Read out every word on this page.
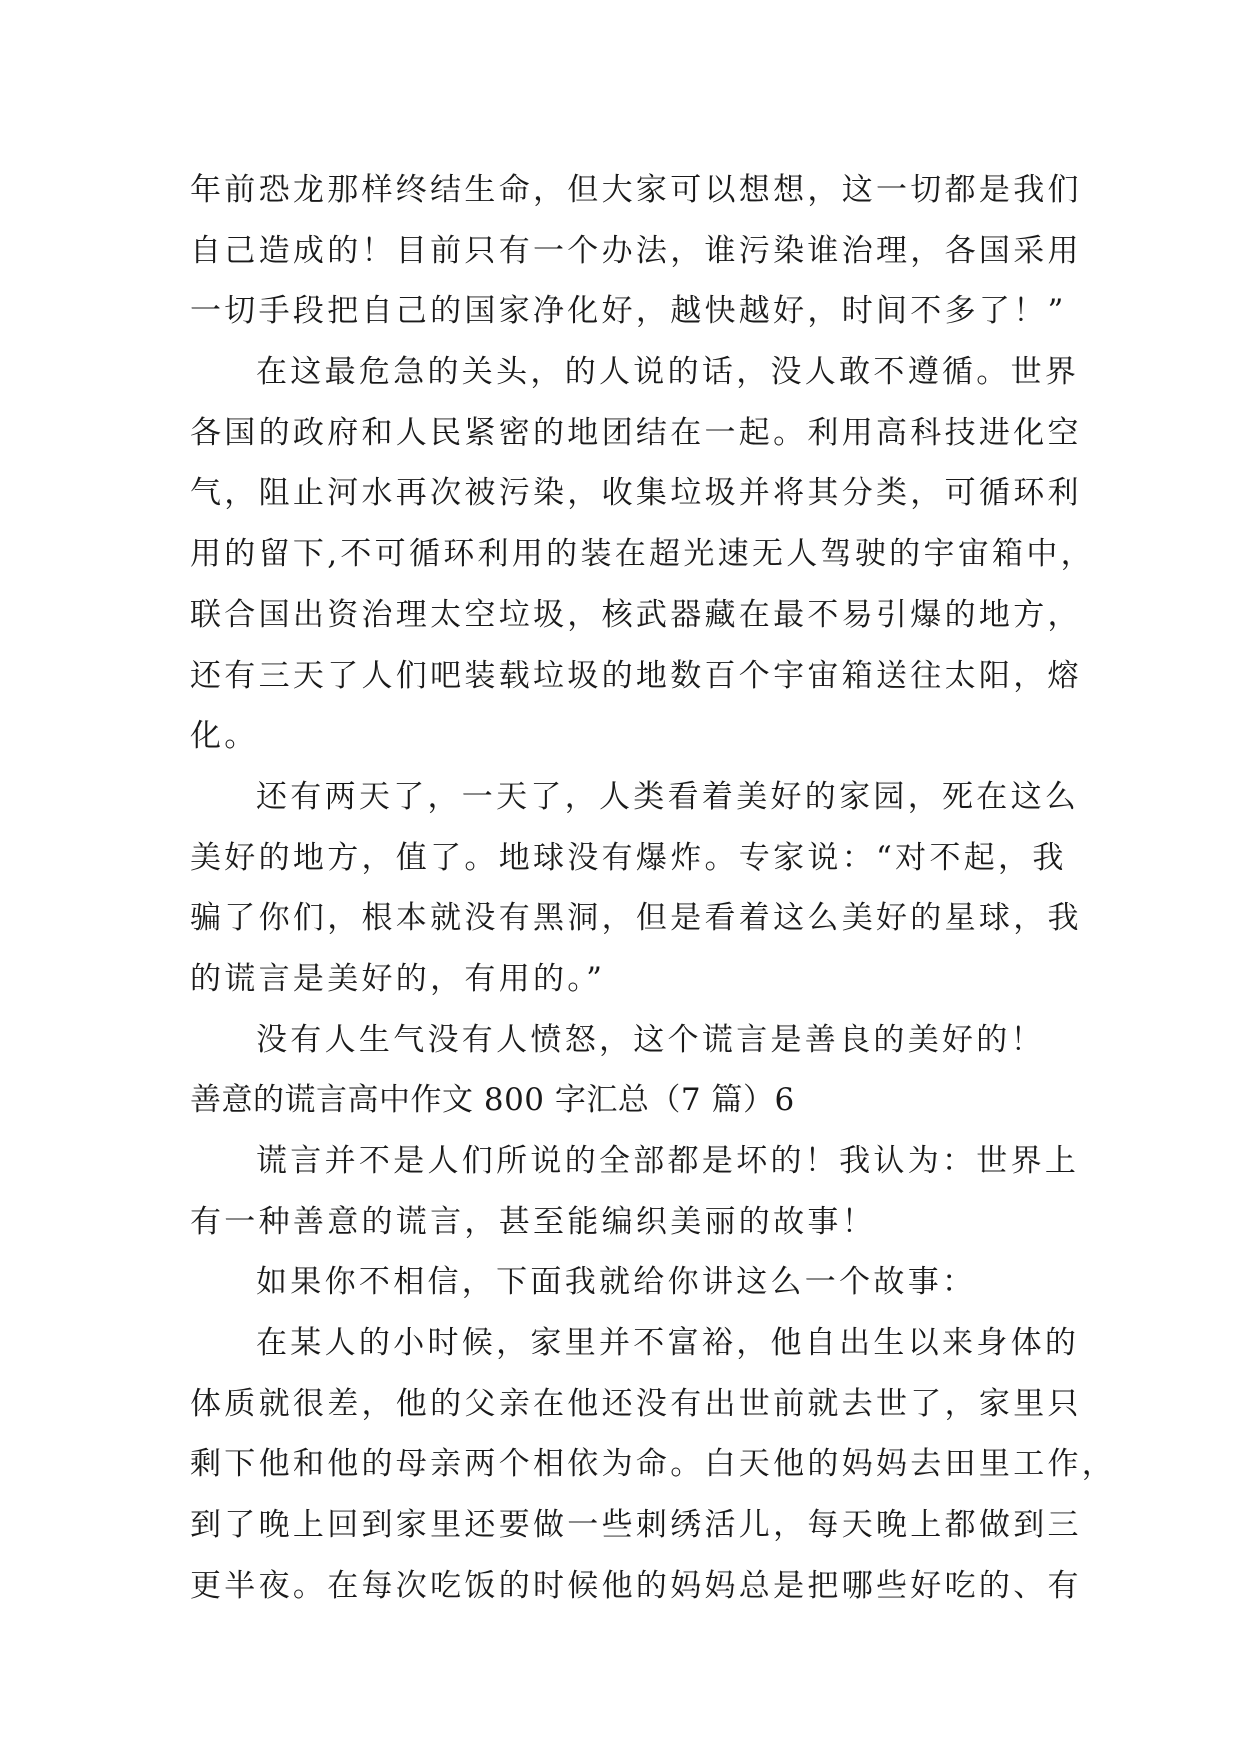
年前恐龙那样终结生命，但大家可以想想，这一切都是我们
自己造成的！目前只有一个办法，谁污染谁治理，各国采用
一切手段把自己的国家净化好，越快越好，时间不多了！”
在这最危急的关头，的人说的话，没人敢不遵循。世界
各国的政府和人民紧密的地团结在一起。利用高科技进化空
气，阻止河水再次被污染，收集垃圾并将其分类，可循环利
用的留下,不可循环利用的装在超光速无人驾驶的宇宙箱中，
联合国出资治理太空垃圾，核武器藏在最不易引爆的地方，
还有三天了人们吧装载垃圾的地数百个宇宙箱送往太阳，熔
化。
还有两天了，一天了，人类看着美好的家园，死在这么
美好的地方，值了。地球没有爆炸。专家说：“对不起，我
骗了你们，根本就没有黑洞，但是看着这么美好的星球，我
的谎言是美好的，有用的。”
没有人生气没有人愤怒，这个谎言是善良的美好的！
善意的谎言高中作文 800 字汇总（7 篇）6
谎言并不是人们所说的全部都是坏的！我认为：世界上
有一种善意的谎言，甚至能编织美丽的故事！
如果你不相信，下面我就给你讲这么一个故事：
在某人的小时候，家里并不富裕，他自出生以来身体的
体质就很差，他的父亲在他还没有出世前就去世了，家里只
剩下他和他的母亲两个相依为命。白天他的妈妈去田里工作，
到了晚上回到家里还要做一些刺绣活儿，每天晚上都做到三
更半夜。在每次吃饭的时候他的妈妈总是把哪些好吃的、有
